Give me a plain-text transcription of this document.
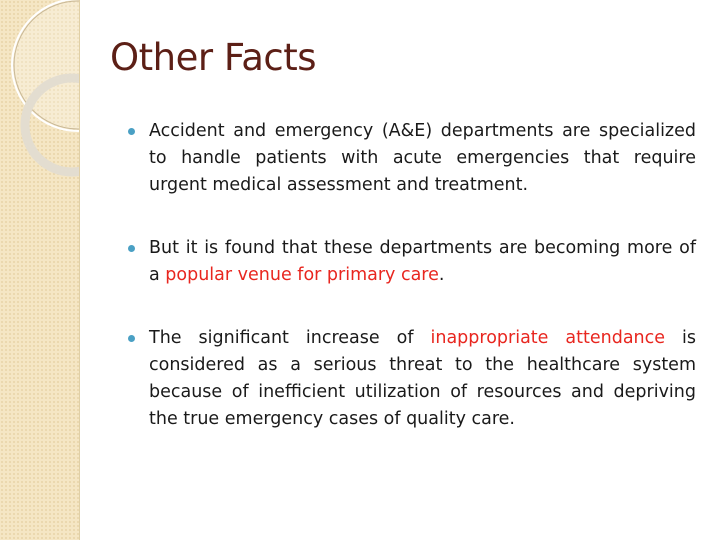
Other Facts
Accident and emergency (A&E) departments are specialized to handle patients with acute emergencies that require urgent medical assessment and treatment.
But it is found that these departments are becoming more of a popular venue for primary care.
The significant increase of inappropriate attendance is considered as a serious threat to the healthcare system because of inefficient utilization of resources and depriving the true emergency cases of quality care.
